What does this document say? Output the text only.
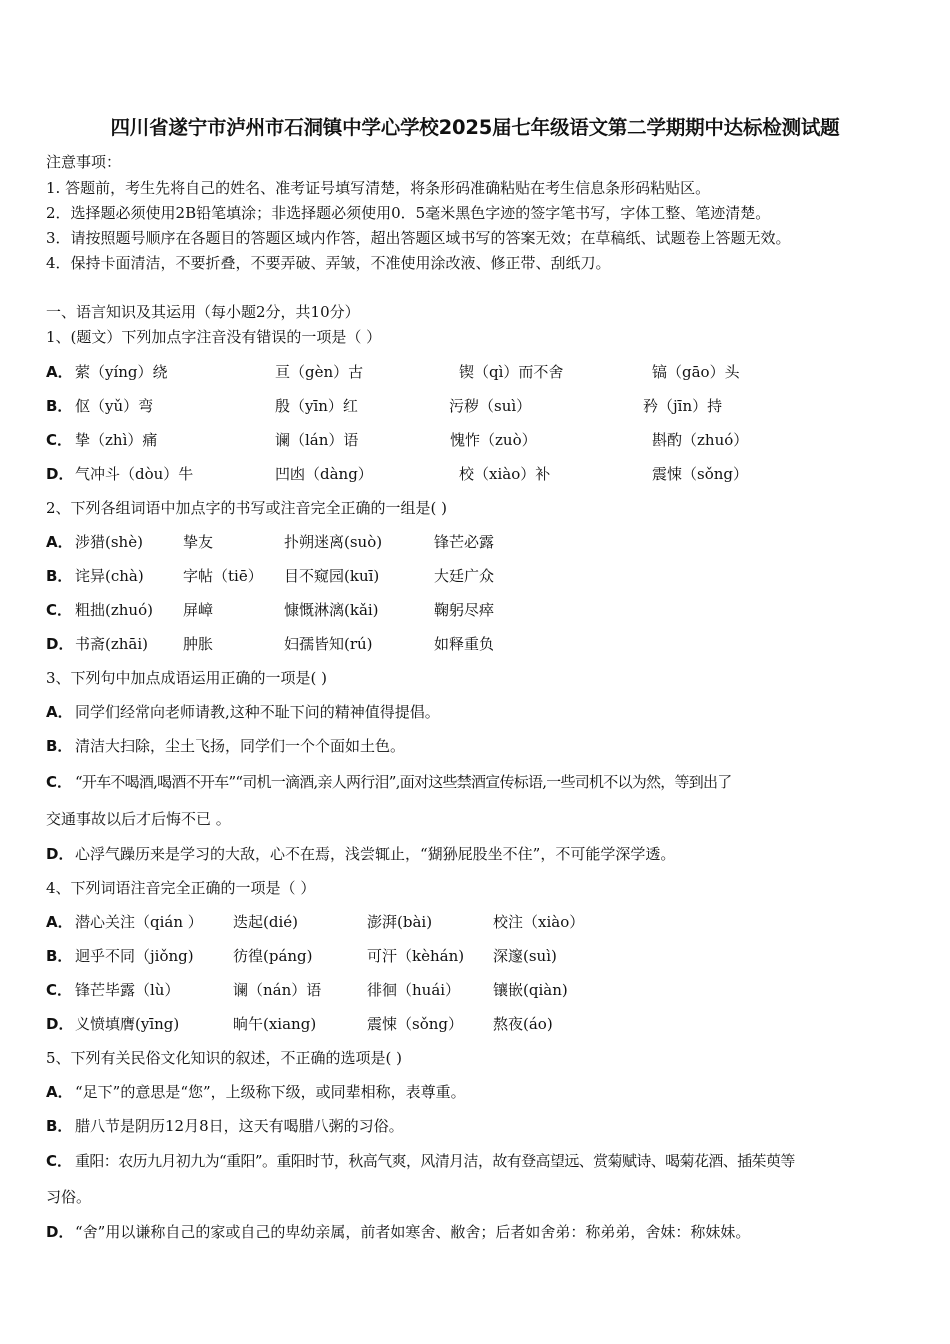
四川省遂宁市泸州市石洞镇中学心学校2025届七年级语文第二学期期中达标检测试题
注意事项：
1. 答题前，考生先将自己的姓名、准考证号填写清楚，将条形码准确粘贴在考生信息条形码粘贴区。
2．选择题必须使用2B铅笔填涂；非选择题必须使用0．5毫米黑色字迹的签字笔书写，字体工整、笔迹清楚。
3．请按照题号顺序在各题目的答题区域内作答，超出答题区域书写的答案无效；在草稿纸、试题卷上答题无效。
4．保持卡面清洁，不要折叠，不要弄破、弄皱，不准使用涂改液、修正带、刮纸刀。
一、语言知识及其运用（每小题2分，共10分）
1、(题文）下列加点字注音没有错误的一项是（ ）
A． 萦（yíng）绕	亘（gèn）古	锲（qì）而不舍	镐（gāo）头
B． 伛（yǔ）弯	殷（yīn）红	污秽（suì）	矜（jīn）持
C． 挚（zhì）痛	谰（lán）语	愧怍（zuò）	斟酌（zhuó）
D． 气冲斗（dòu）牛	凹凼（dàng）	校（xiào）补	震悚（sǒng）
2、下列各组词语中加点字的书写或注音完全正确的一组是( )
A． 涉猎(shè)	挚友	扑朔迷离(suò)	锋芒必露
B． 诧异(chà)	字帖（tiē） 目不窥园(kuī)	大廷广众
C． 粗拙(zhuó) 屏嶂	慷慨淋漓(kǎi)	鞠躬尽瘁
D． 书斋(zhāi) 肿胀	妇孺皆知(rú)	如释重负
3、下列句中加点成语运用正确的一项是( )
A． 同学们经常向老师请教,这种不耻下问的精神值得提倡。
B． 清洁大扫除，尘土飞扬，同学们一个个面如土色。
C． “开车不喝酒,喝酒不开车”“司机一滴酒,亲人两行泪”,面对这些禁酒宣传标语,一些司机不以为然，等到出了
交通事故以后才后悔不已 。
D． 心浮气躁历来是学习的大敌，心不在焉，浅尝辄止，“猢狲屁股坐不住”，不可能学深学透。
4、下列词语注音完全正确的一项是（ ）
A． 潜心关注（qián ） 迭起(dié)	澎湃(bài)	校注（xiào）
B． 迥乎不同（jiǒng)	彷徨(páng)	可汗（kèhán) 深邃(suì)
C． 锋芒毕露（lù）	谰（nán）语	徘徊（huái） 镶嵌(qiàn)
D． 义愤填膺(yīng)	晌午(xiang)	震悚（sǒng） 熬夜(áo)
5、下列有关民俗文化知识的叙述，不正确的选项是( )
A． “足下”的意思是“您”，上级称下级，或同辈相称，表尊重。
B． 腊八节是阴历12月8日，这天有喝腊八粥的习俗。
C． 重阳：农历九月初九为“重阳”。重阳时节，秋高气爽，风清月洁，故有登高望远、赏菊赋诗、喝菊花酒、插茱萸等
习俗。
D． “舍”用以谦称自己的家或自己的卑幼亲属，前者如寒舍、敝舍；后者如舍弟：称弟弟，舍妹：称妹妹。
